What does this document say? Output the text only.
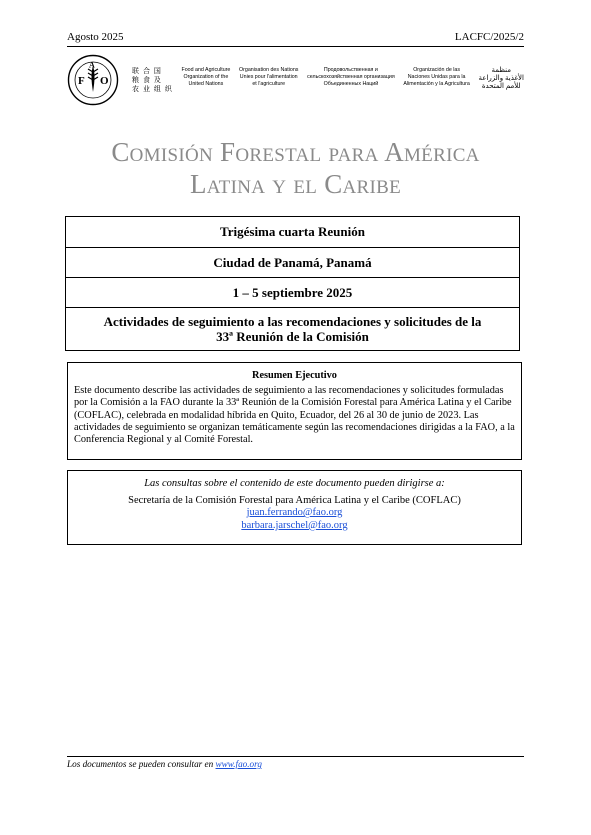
Agosto 2025	LACFC/2025/2
F
A
O
联 合 国
粮 食 及
农 业 组 织
Food and Agriculture
Organization of the
United Nations
Organisation des Nations
Unies pour l'alimentation
et l'agriculture
Продовольственная и
сельскохозяйственная организация
Объединенных Наций
Organización de las
Naciones Unidas para la
Alimentación y la Agricultura
منظمة
الأغذية والزراعة
للأمم المتحدة
Comisión Forestal para América
Latina y el Caribe
Trigésima cuarta Reunión
Ciudad de Panamá, Panamá
1 – 5 septiembre 2025
Actividades de seguimiento a las recomendaciones y solicitudes de la
33ª Reunión de la Comisión
Resumen Ejecutivo
Este documento describe las actividades de seguimiento a las recomendaciones y solicitudes formuladas por la Comisión a la FAO durante la 33ª Reunión de la Comisión Forestal para América Latina y el Caribe (COFLAC), celebrada en modalidad híbrida en Quito, Ecuador, del 26 al 30 de junio de 2023. Las actividades de seguimiento se organizan temáticamente según las recomendaciones dirigidas a la FAO, a la Conferencia Regional y al Comité Forestal.
Las consultas sobre el contenido de este documento pueden dirigirse a:
Secretaría de la Comisión Forestal para América Latina y el Caribe (COFLAC)
juan.ferrando@fao.org
barbara.jarschel@fao.org
Los documentos se pueden consultar en www.fao.org
